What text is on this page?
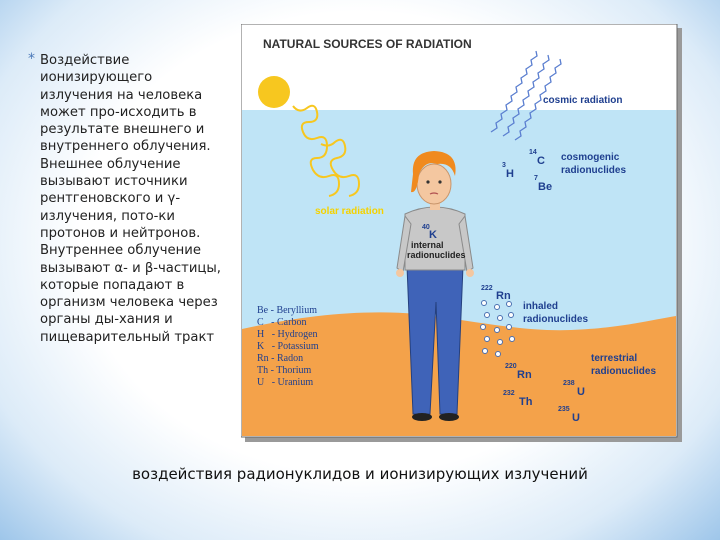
* Воздействие ионизирующего излучения на человека может про-исходить в результате внешнего и внутреннего облучения. Внешнее облучение вызывают источники рентгеновского и γ-излучения, пото-ки протонов и нейтронов. Внутреннее облучение вызывают α- и β-частицы, которые попадают в организм человека через органы ды-хания и пищеварительный тракт
NATURAL SOURCES OF RADIATION
cosmic radiation
solar radiation
40
K
internal
radionuclides
14
C
3
H	7
Be
cosmogenic
radionuclides
222
Rn
inhaled
radionuclides
220
Rn
232
Th
238
U
235
U
terrestrial
radionuclides
Be - Beryllium
C   - Carbon
H   - Hydrogen
K   - Potassium
Rn - Radon
Th - Thorium
U   - Uranium
воздействия радионуклидов и ионизирующих излучений
